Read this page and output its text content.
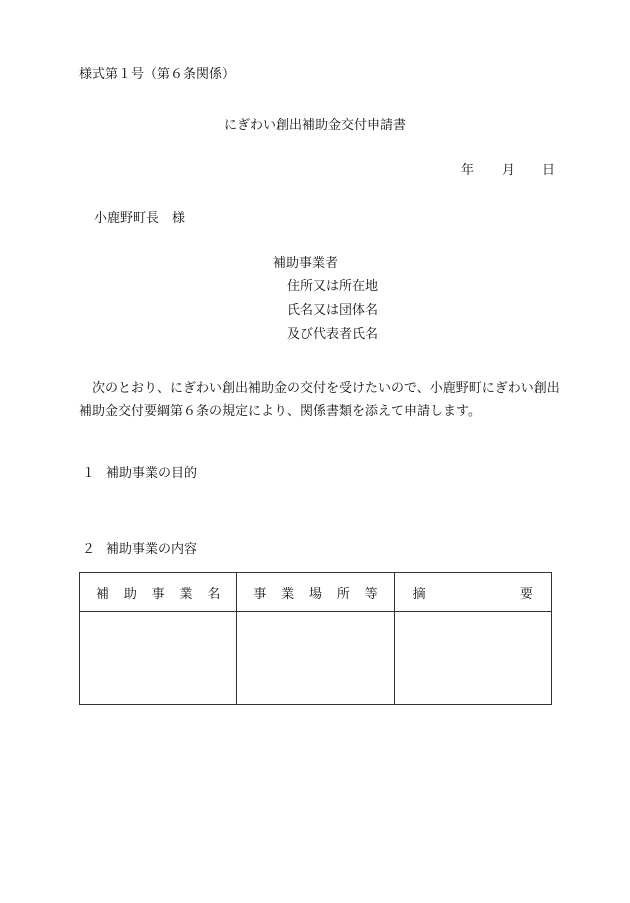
様式第１号（第６条関係）
にぎわい創出補助金交付申請書
年 月 日
小鹿野町長　様
補助事業者
住所又は所在地
氏名又は団体名
及び代表者氏名
次のとおり、にぎわい創出補助金の交付を受けたいので、小鹿野町にぎわい創出
補助金交付要綱第６条の規定により、関係書類を添えて申請します。
１ 補助事業の目的
２ 補助事業の内容
補 助 事 業 名	事 業 場 所 等	摘 要
